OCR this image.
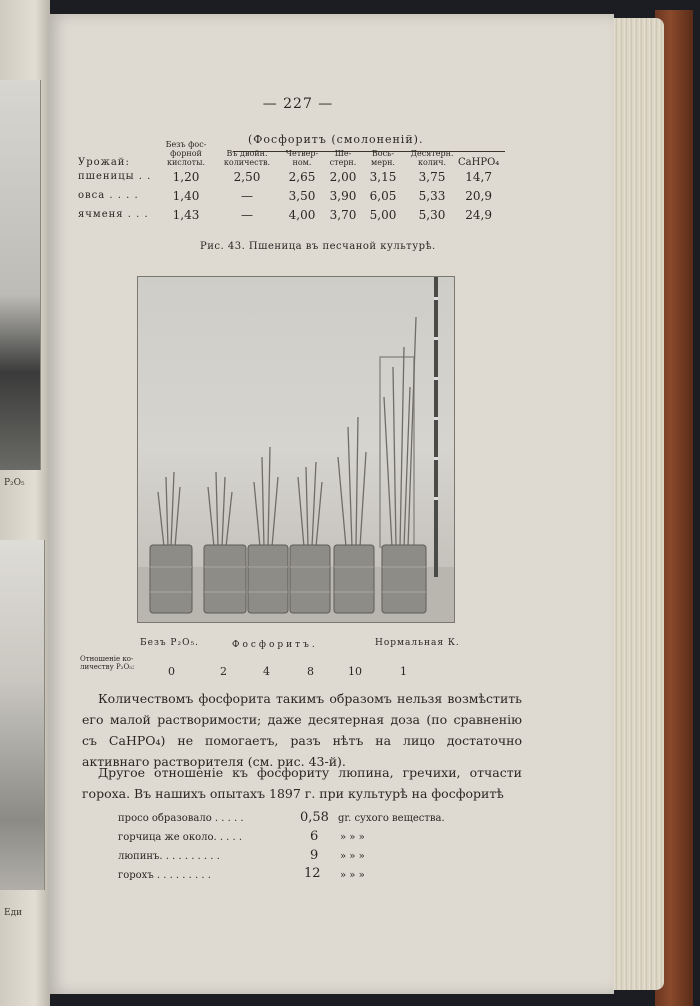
Р₂O₅
Еди
— 227 —
(Фосфоритъ (смолоненій).
Урожай:	Безъ фос-форной кислоты.	Въ двойн. количеств.	Четвер-ном.	Ше-стерн.	Вось-мерн.	Десятерн. колич.	CaHPO₄
пшеницы . .	1,20	2,50	2,65	2,00	3,15	3,75	14,7
овса . . . .	1,40	—	3,50	3,90	6,05	5,33	20,9
ячменя . . .	1,43	—	4,00	3,70	5,00	5,30	24,9
Рис. 43. Пшеница въ песчаной культурѣ.
Безъ P₂O₅.	Фосфоритъ.	Нормальная К.
Отношеніе ко-личеству P₂O₅:	0	2	4	8	10	1
Количествомъ фосфорита такимъ образомъ нельзя возмѣстить его малой растворимости; даже десятерная доза (по сравненію съ CaHPO₄) не помогаетъ, разъ нѣтъ на лицо достаточно активнаго растворителя (см. рис. 43-й).
Другое отношеніе къ фосфориту люпина, гречихи, отчасти гороха. Въ нашихъ опытахъ 1897 г. при культурѣ на фосфоритѣ
просо образовало . . . . .	0,58 gr. сухого вещества.
горчица же около. . . . .	6 » » »
люпинъ. . . . . . . . . .	9 » » »
горохъ . . . . . . . . .	12 » » »
